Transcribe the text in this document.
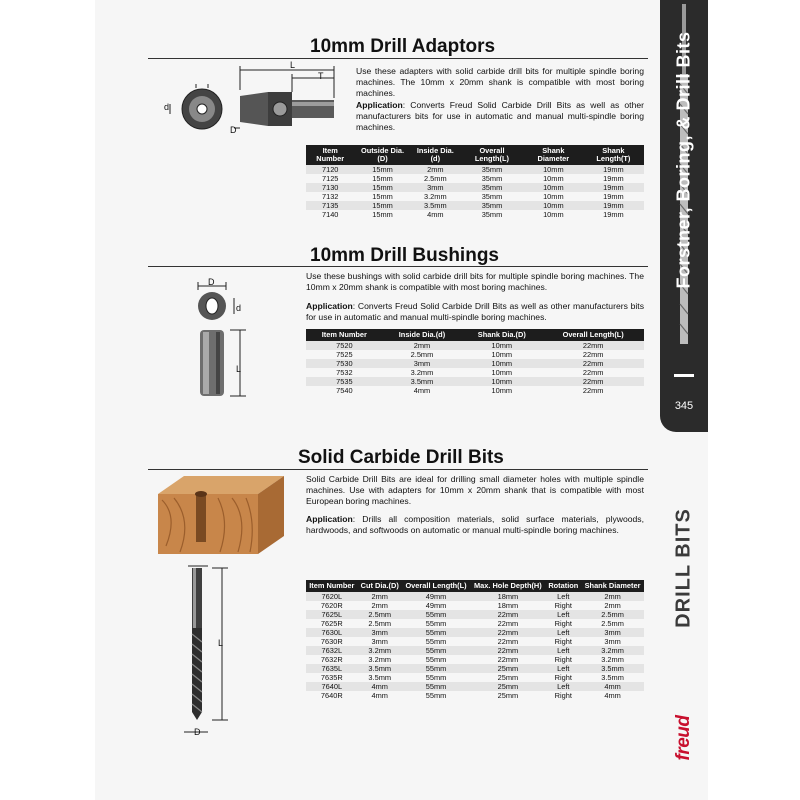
Forstner, Boring, & Drill Bits
345
DRILL BITS
freud
10mm Drill Adaptors
L
T
d
D
Use these adapters with solid carbide drill bits for multiple spindle boring machines. The 10mm x 20mm shank is compatible with most boring machines.
Application: Converts Freud Solid Carbide Drill Bits as well as other manufacturers bits for use in automatic and manual multi-spindle boring machines.
Item Number	Outside Dia.(D)	Inside Dia.(d)	Overall Length(L)	Shank Diameter	Shank Length(T)
7120	15mm	2mm	35mm	10mm	19mm
7125	15mm	2.5mm	35mm	10mm	19mm
7130	15mm	3mm	35mm	10mm	19mm
7132	15mm	3.2mm	35mm	10mm	19mm
7135	15mm	3.5mm	35mm	10mm	19mm
7140	15mm	4mm	35mm	10mm	19mm
10mm Drill Bushings
D
d
L
Use these bushings with solid carbide drill bits for multiple spindle boring machines. The 10mm x 20mm shank is compatible with most boring machines.
Application: Converts Freud Solid Carbide Drill Bits as well as other manufacturers bits for use in automatic and manual multi-spindle boring machines.
Item Number	Inside Dia.(d)	Shank Dia.(D)	Overall Length(L)
7520	2mm	10mm	22mm
7525	2.5mm	10mm	22mm
7530	3mm	10mm	22mm
7532	3.2mm	10mm	22mm
7535	3.5mm	10mm	22mm
7540	4mm	10mm	22mm
Solid Carbide Drill Bits
L
D
Solid Carbide Drill Bits are ideal for drilling small diameter holes with multiple spindle machines. Use with adapters for 10mm x 20mm shank that is compatible with most European boring machines.
Application: Drills all composition materials, solid surface materials, plywoods, hardwoods, and softwoods on automatic or manual multi-spindle boring machines.
Item Number	Cut Dia.(D)	Overall Length(L)	Max. Hole Depth(H)	Rotation	Shank Diameter
7620L	2mm	49mm	18mm	Left	2mm
7620R	2mm	49mm	18mm	Right	2mm
7625L	2.5mm	55mm	22mm	Left	2.5mm
7625R	2.5mm	55mm	22mm	Right	2.5mm
7630L	3mm	55mm	22mm	Left	3mm
7630R	3mm	55mm	22mm	Right	3mm
7632L	3.2mm	55mm	22mm	Left	3.2mm
7632R	3.2mm	55mm	22mm	Right	3.2mm
7635L	3.5mm	55mm	25mm	Left	3.5mm
7635R	3.5mm	55mm	25mm	Right	3.5mm
7640L	4mm	55mm	25mm	Left	4mm
7640R	4mm	55mm	25mm	Right	4mm
